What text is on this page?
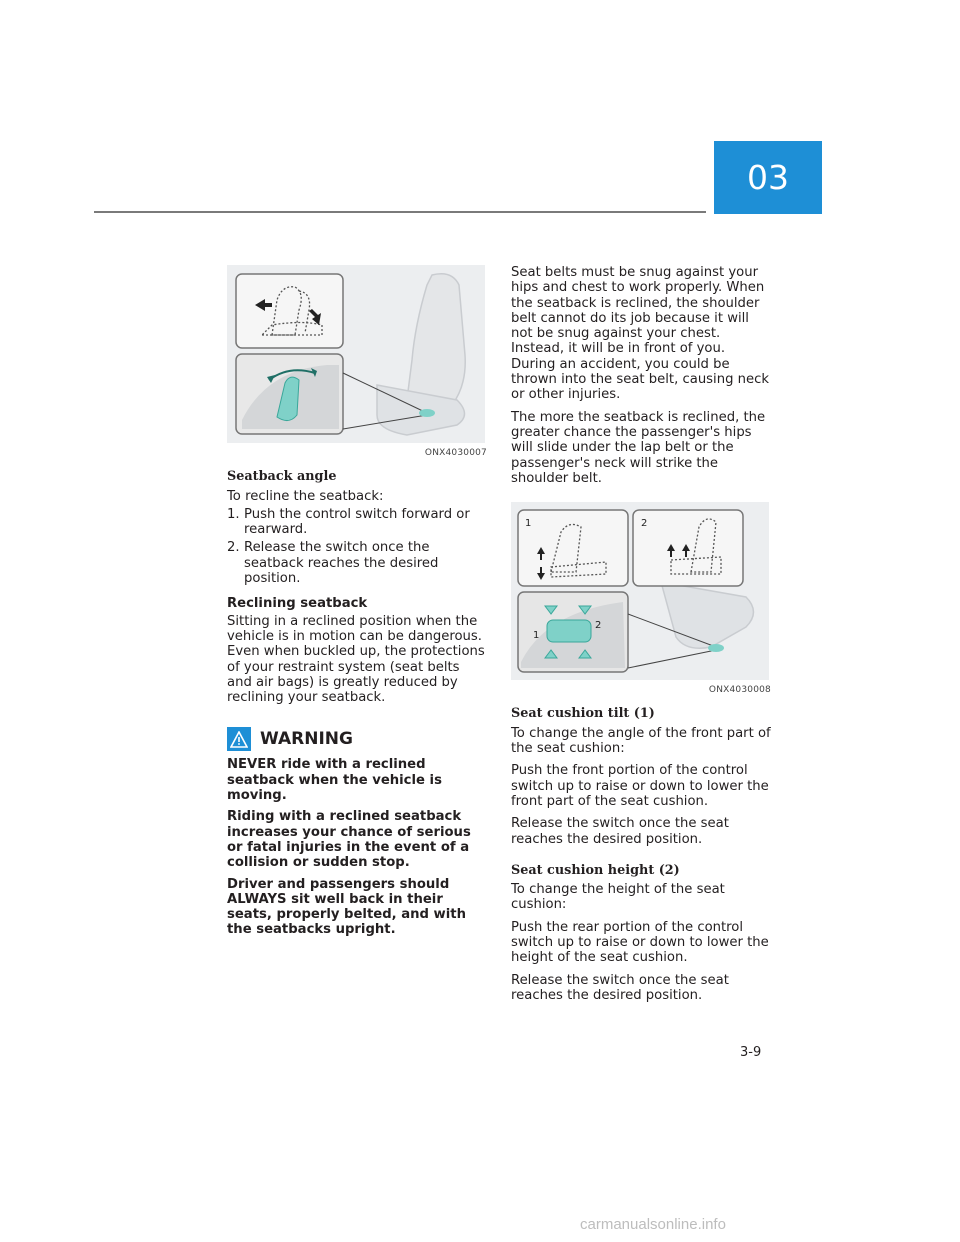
03
ONX4030007
Seatback angle

To recline the seatback:

1. Push the control switch forward or rearward.
2. Release the switch once the seatback reaches the desired position.
Reclining seatback

Sitting in a reclined position when the vehicle is in motion can be dangerous. Even when buckled up, the protections of your restraint system (seat belts and air bags) is greatly reduced by reclining your seatback.

WARNING

NEVER ride with a reclined seatback when the vehicle is moving.

Riding with a reclined seatback increases your chance of serious or fatal injuries in the event of a collision or sudden stop.

Driver and passengers should ALWAYS sit well back in their seats, properly belted, and with the seatbacks upright.

Seat belts must be snug against your hips and chest to work properly. When the seatback is reclined, the shoulder belt cannot do its job because it will not be snug against your chest. Instead, it will be in front of you. During an accident, you could be thrown into the seat belt, causing neck or other injuries.

The more the seatback is reclined, the greater chance the passenger's hips will slide under the lap belt or the passenger's neck will strike the shoulder belt.

1	2
1
2
ONX4030008
Seat cushion tilt (1)

To change the angle of the front part of the seat cushion:

Push the front portion of the control switch up to raise or down to lower the front part of the seat cushion.

Release the switch once the seat reaches the desired position.

Seat cushion height (2)

To change the height of the seat cushion:

Push the rear portion of the control switch up to raise or down to lower the height of the seat cushion.

Release the switch once the seat reaches the desired position.

3-9
carmanualsonline.info
